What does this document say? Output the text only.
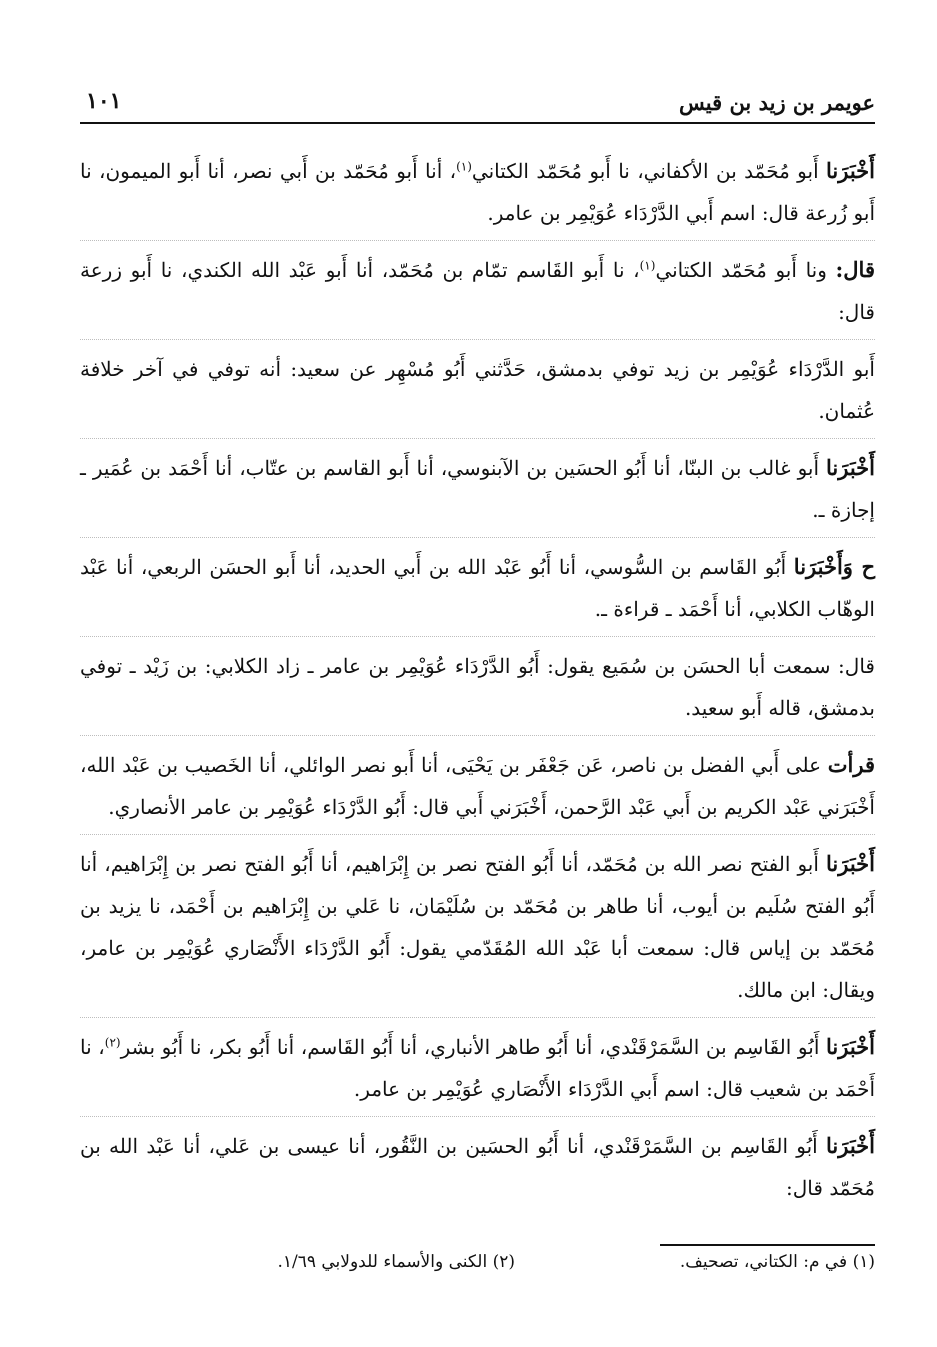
عويمر بن زيد بن قيس
١٠١

أَخْبَرَنا أَبو مُحَمّد بن الأكفاني، نا أَبو مُحَمّد الكتاني$^{(١)}$، أنا أَبو مُحَمّد بن أَبي نصر، أنا أَبو الميمون، نا أَبو زُرعة قال: اسم أَبي الدَّرْدَاء عُوَيْمِر بن عامر.

قال: ونا أَبو مُحَمّد الكتاني$^{(١)}$، نا أَبو القَاسم تمّام بن مُحَمّد، أنا أَبو عَبْد الله الكندي، نا أَبو زرعة قال:

أَبو الدَّرْدَاء عُوَيْمِر بن زيد توفي بدمشق، حَدَّثني أَبُو مُسْهِر عن سعيد: أنه توفي في آخر خلافة عُثمان.

أَخْبَرَنا أَبو غالب بن البنّا، أنا أَبُو الحسَين بن الآبنوسي، أنا أَبو القاسم بن عتّاب، أنا أَحْمَد بن عُمَير ـ إجازة ـ.

ح وَأَخْبَرَنا أَبُو القَاسم بن السُّوسي، أنا أَبُو عَبْد الله بن أَبي الحديد، أنا أَبو الحسَن الربعي، أنا عَبْد الوهّاب الكلابي، أنا أَحْمَد ـ قراءة ـ.

قال: سمعت أبا الحسَن بن سُمَيع يقول: أَبُو الدَّرْدَاء عُوَيْمِر بن عامر ـ زاد الكلابي: بن زَيْد ـ توفي بدمشق، قاله أَبو سعيد.

قرأت على أَبي الفضل بن ناصر، عَن جَعْفَر بن يَحْيَى، أنا أَبو نصر الوائلي، أنا الخَصيب بن عَبْد الله، أَخْبَرَني عَبْد الكريم بن أَبي عَبْد الرَّحمن، أَخْبَرَني أَبي قال: أَبُو الدَّرْدَاء عُوَيْمِر بن عامر الأنصاري.

أَخْبَرَنا أَبو الفتح نصر الله بن مُحَمّد، أنا أَبُو الفتح نصر بن إِبْرَاهيم، أنا أَبُو الفتح نصر بن إِبْرَاهيم، أنا أَبُو الفتح سُلَيم بن أيوب، أنا طاهر بن مُحَمّد بن سُلَيْمَان، نا عَلي بن إِبْرَاهيم بن أَحْمَد، نا يزيد بن مُحَمّد بن إياس قال: سمعت أبا عَبْد الله المُقَدّمي يقول: أَبُو الدَّرْدَاء الأَنْصَاري عُوَيْمِر بن عامر، ويقال: ابن مالك.

أَخْبَرَنا أَبُو القَاسِم بن السَّمَرْقَنْدي، أنا أَبُو طاهر الأنباري، أنا أَبُو القَاسم، أنا أَبُو بكر، نا أَبُو بشر$^{(٢)}$، نا أَحْمَد بن شعيب قال: اسم أَبي الدَّرْدَاء الأَنْصَاري عُوَيْمِر بن عامر.

أَخْبَرَنا أَبُو القَاسِم بن السَّمَرْقَنْدي، أنا أَبُو الحسَين بن النَّقُور، أنا عيسى بن عَلي، أنا عَبْد الله بن مُحَمّد قال:

(١) في م: الكتاني، تصحيف.
(٢) الكنى والأسماء للدولابي ١/٦٩.
